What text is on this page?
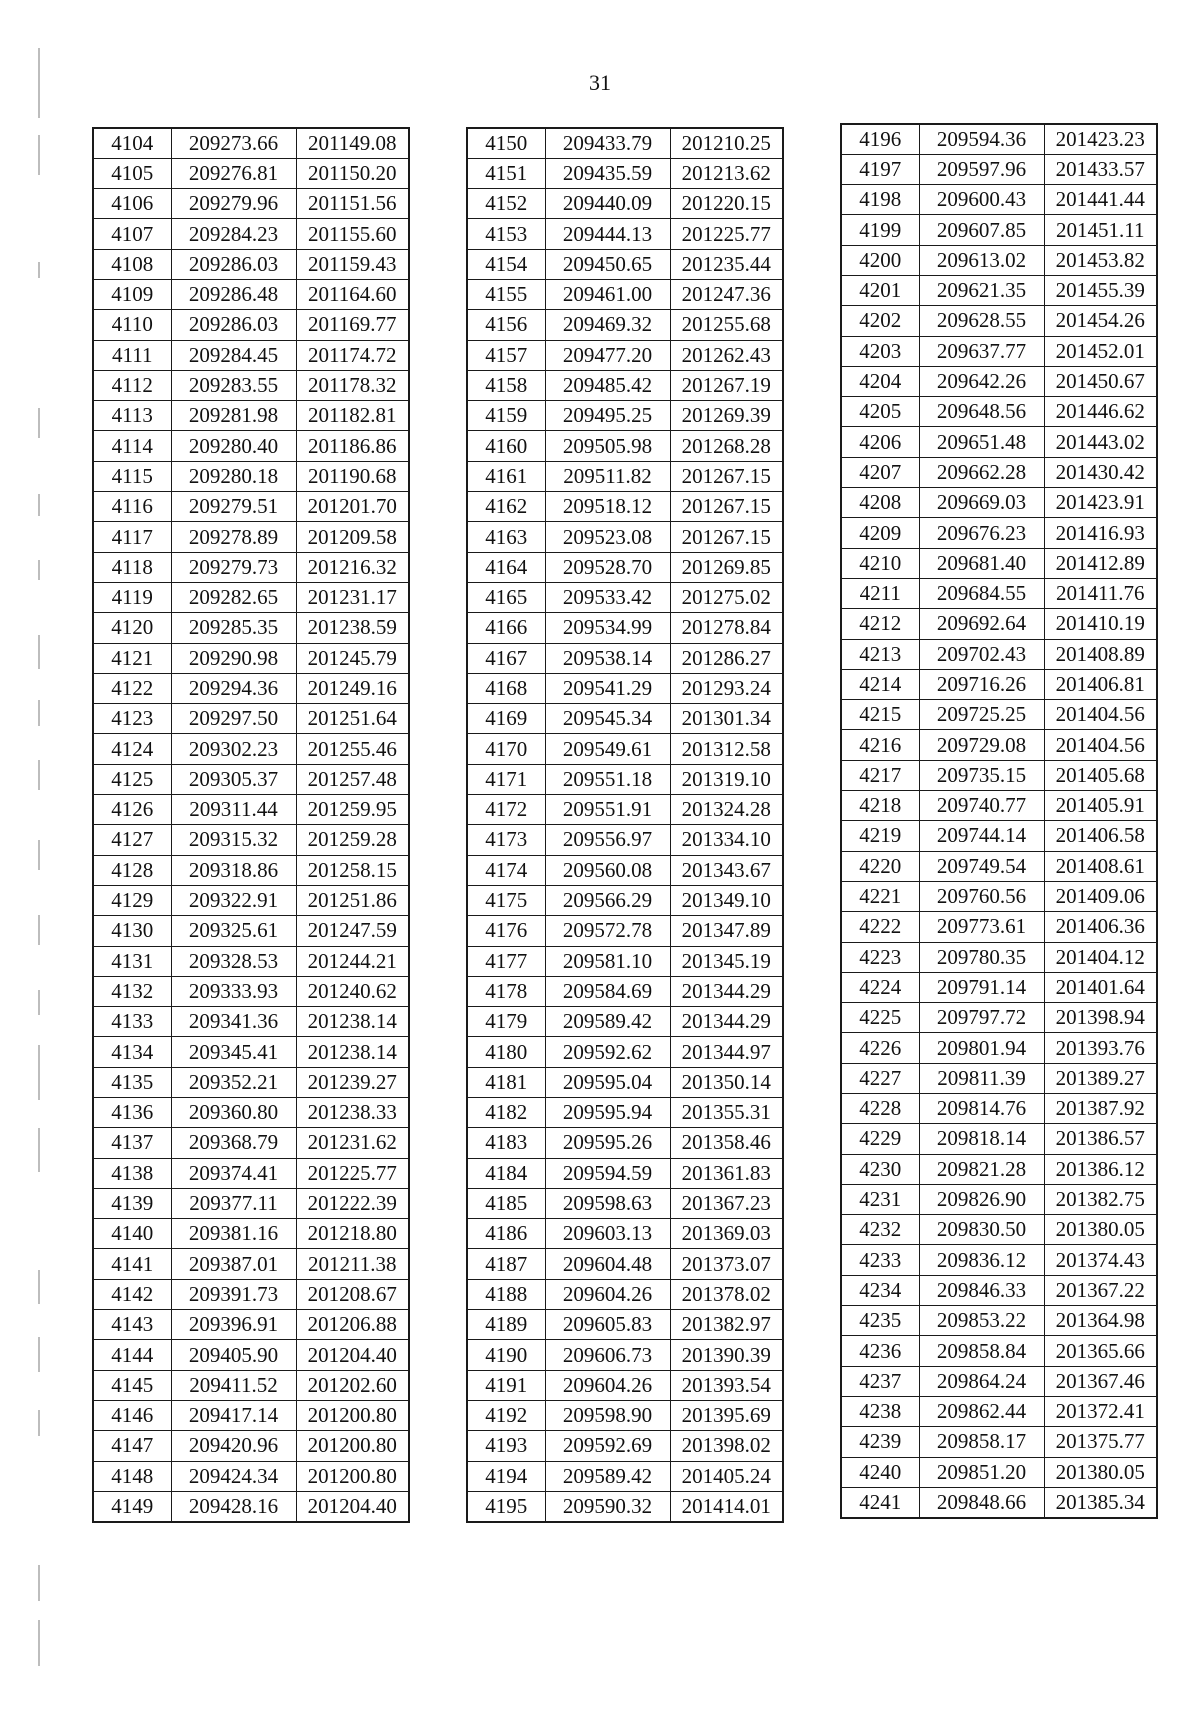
31
4104	209273.66	201149.08
4105	209276.81	201150.20
4106	209279.96	201151.56
4107	209284.23	201155.60
4108	209286.03	201159.43
4109	209286.48	201164.60
4110	209286.03	201169.77
4111	209284.45	201174.72
4112	209283.55	201178.32
4113	209281.98	201182.81
4114	209280.40	201186.86
4115	209280.18	201190.68
4116	209279.51	201201.70
4117	209278.89	201209.58
4118	209279.73	201216.32
4119	209282.65	201231.17
4120	209285.35	201238.59
4121	209290.98	201245.79
4122	209294.36	201249.16
4123	209297.50	201251.64
4124	209302.23	201255.46
4125	209305.37	201257.48
4126	209311.44	201259.95
4127	209315.32	201259.28
4128	209318.86	201258.15
4129	209322.91	201251.86
4130	209325.61	201247.59
4131	209328.53	201244.21
4132	209333.93	201240.62
4133	209341.36	201238.14
4134	209345.41	201238.14
4135	209352.21	201239.27
4136	209360.80	201238.33
4137	209368.79	201231.62
4138	209374.41	201225.77
4139	209377.11	201222.39
4140	209381.16	201218.80
4141	209387.01	201211.38
4142	209391.73	201208.67
4143	209396.91	201206.88
4144	209405.90	201204.40
4145	209411.52	201202.60
4146	209417.14	201200.80
4147	209420.96	201200.80
4148	209424.34	201200.80
4149	209428.16	201204.40
4150	209433.79	201210.25
4151	209435.59	201213.62
4152	209440.09	201220.15
4153	209444.13	201225.77
4154	209450.65	201235.44
4155	209461.00	201247.36
4156	209469.32	201255.68
4157	209477.20	201262.43
4158	209485.42	201267.19
4159	209495.25	201269.39
4160	209505.98	201268.28
4161	209511.82	201267.15
4162	209518.12	201267.15
4163	209523.08	201267.15
4164	209528.70	201269.85
4165	209533.42	201275.02
4166	209534.99	201278.84
4167	209538.14	201286.27
4168	209541.29	201293.24
4169	209545.34	201301.34
4170	209549.61	201312.58
4171	209551.18	201319.10
4172	209551.91	201324.28
4173	209556.97	201334.10
4174	209560.08	201343.67
4175	209566.29	201349.10
4176	209572.78	201347.89
4177	209581.10	201345.19
4178	209584.69	201344.29
4179	209589.42	201344.29
4180	209592.62	201344.97
4181	209595.04	201350.14
4182	209595.94	201355.31
4183	209595.26	201358.46
4184	209594.59	201361.83
4185	209598.63	201367.23
4186	209603.13	201369.03
4187	209604.48	201373.07
4188	209604.26	201378.02
4189	209605.83	201382.97
4190	209606.73	201390.39
4191	209604.26	201393.54
4192	209598.90	201395.69
4193	209592.69	201398.02
4194	209589.42	201405.24
4195	209590.32	201414.01
4196	209594.36	201423.23
4197	209597.96	201433.57
4198	209600.43	201441.44
4199	209607.85	201451.11
4200	209613.02	201453.82
4201	209621.35	201455.39
4202	209628.55	201454.26
4203	209637.77	201452.01
4204	209642.26	201450.67
4205	209648.56	201446.62
4206	209651.48	201443.02
4207	209662.28	201430.42
4208	209669.03	201423.91
4209	209676.23	201416.93
4210	209681.40	201412.89
4211	209684.55	201411.76
4212	209692.64	201410.19
4213	209702.43	201408.89
4214	209716.26	201406.81
4215	209725.25	201404.56
4216	209729.08	201404.56
4217	209735.15	201405.68
4218	209740.77	201405.91
4219	209744.14	201406.58
4220	209749.54	201408.61
4221	209760.56	201409.06
4222	209773.61	201406.36
4223	209780.35	201404.12
4224	209791.14	201401.64
4225	209797.72	201398.94
4226	209801.94	201393.76
4227	209811.39	201389.27
4228	209814.76	201387.92
4229	209818.14	201386.57
4230	209821.28	201386.12
4231	209826.90	201382.75
4232	209830.50	201380.05
4233	209836.12	201374.43
4234	209846.33	201367.22
4235	209853.22	201364.98
4236	209858.84	201365.66
4237	209864.24	201367.46
4238	209862.44	201372.41
4239	209858.17	201375.77
4240	209851.20	201380.05
4241	209848.66	201385.34
